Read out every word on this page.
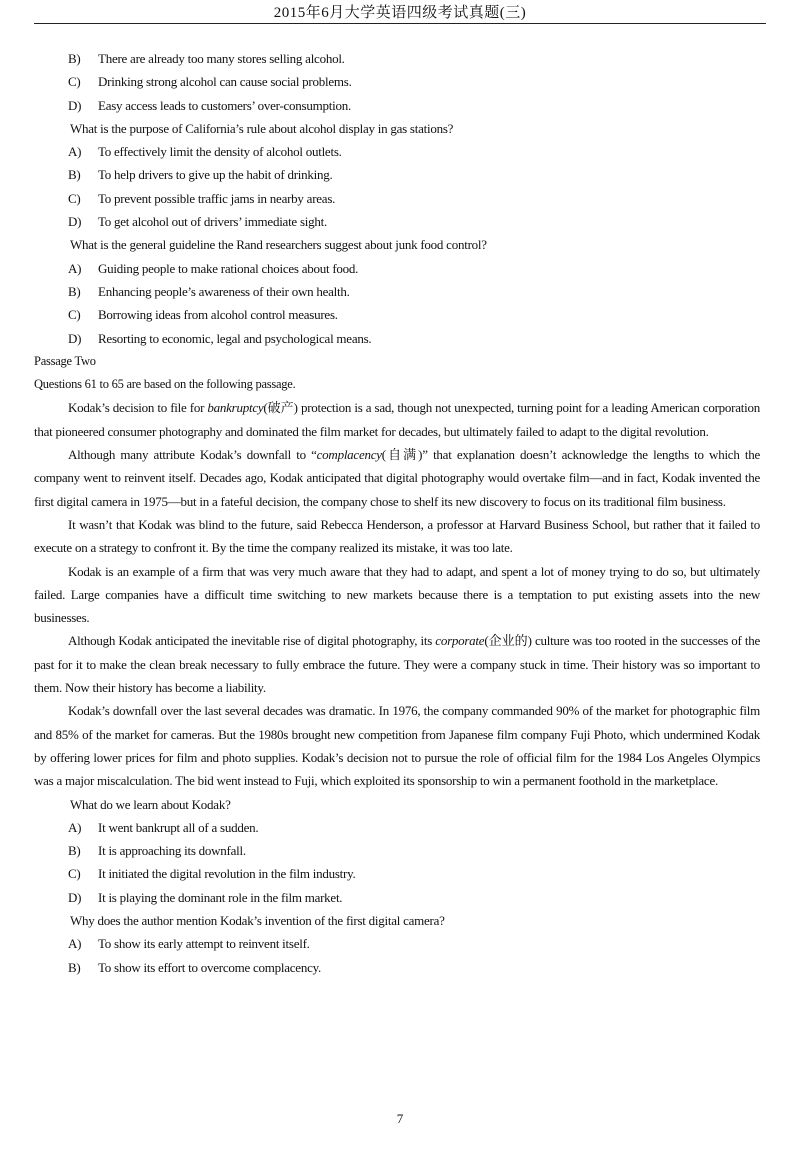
2015年6月大学英语四级考试真题(三)

B)	There are already too many stores selling alcohol.

C)	Drinking strong alcohol can cause social problems.

D)	Easy access leads to customers’ over-consumption.

What is the purpose of California’s rule about alcohol display in gas stations?

A)	To effectively limit the density of alcohol outlets.

B)	To help drivers to give up the habit of drinking.

C)	To prevent possible traffic jams in nearby areas.

D)	To get alcohol out of drivers’ immediate sight.

What is the general guideline the Rand researchers suggest about junk food control?

A)	Guiding people to make rational choices about food.

B)	Enhancing people’s awareness of their own health.

C)	Borrowing ideas from alcohol control measures.

D)	Resorting to economic, legal and psychological means.

Passage Two

Questions 61 to 65 are based on the following passage.

Kodak’s decision to file for bankruptcy(破产) protection is a sad, though not unexpected, turning point for a leading American corporation that pioneered consumer photography and dominated the film market for decades, but ultimately failed to adapt to the digital revolution.

Although many attribute Kodak’s downfall to “complacency(自满)” that explanation doesn’t acknowledge the lengths to which the company went to reinvent itself. Decades ago, Kodak anticipated that digital photography would overtake film—and in fact, Kodak invented the first digital camera in 1975—but in a fateful decision, the company chose to shelf its new discovery to focus on its traditional film business.

It wasn’t that Kodak was blind to the future, said Rebecca Henderson, a professor at Harvard Business School, but rather that it failed to execute on a strategy to confront it. By the time the company realized its mistake, it was too late.

Kodak is an example of a firm that was very much aware that they had to adapt, and spent a lot of money trying to do so, but ultimately failed. Large companies have a difficult time switching to new markets because there is a temptation to put existing assets into the new businesses.

Although Kodak anticipated the inevitable rise of digital photography, its corporate(企业的) culture was too rooted in the successes of the past for it to make the clean break necessary to fully embrace the future. They were a company stuck in time. Their history was so important to them. Now their history has become a liability.

Kodak’s downfall over the last several decades was dramatic. In 1976, the company commanded 90% of the market for photographic film and 85% of the market for cameras. But the 1980s brought new competition from Japanese film company Fuji Photo, which undermined Kodak by offering lower prices for film and photo supplies. Kodak’s decision not to pursue the role of official film for the 1984 Los Angeles Olympics was a major miscalculation. The bid went instead to Fuji, which exploited its sponsorship to win a permanent foothold in the marketplace.

What do we learn about Kodak?

A)	It went bankrupt all of a sudden.

B)	It is approaching its downfall.

C)	It initiated the digital revolution in the film industry.

D)	It is playing the dominant role in the film market.

Why does the author mention Kodak’s invention of the first digital camera?

A)	To show its early attempt to reinvent itself.

B)	To show its effort to overcome complacency.

7
